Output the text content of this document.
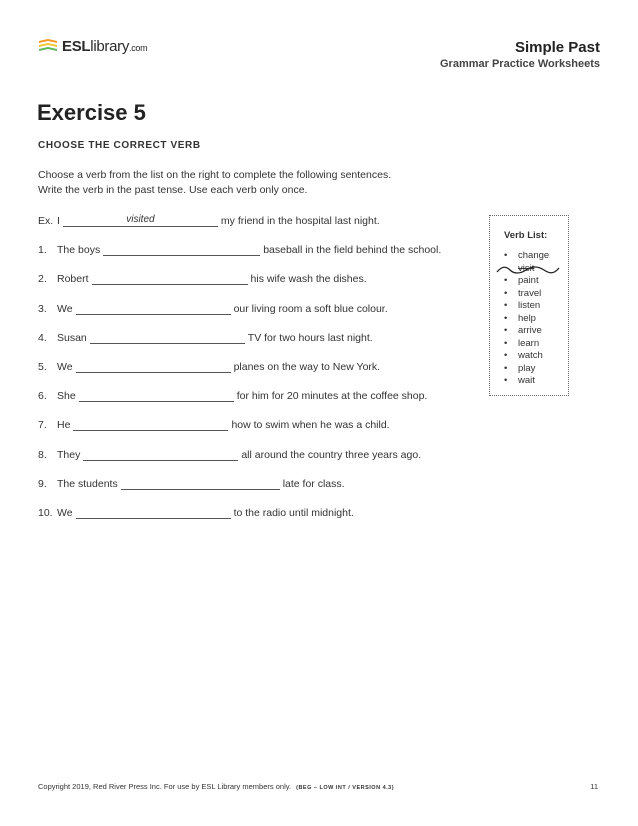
ESLlibrary.com	Simple Past
Grammar Practice Worksheets
Exercise 5
CHOOSE THE CORRECT VERB
Choose a verb from the list on the right to complete the following sentences. Write the verb in the past tense. Use each verb only once.
Ex. I	visited	my friend in the hospital last night.
1. The boys	baseball in the field behind the school.
2. Robert	his wife wash the dishes.
3. We	our living room a soft blue colour.
4. Susan	TV for two hours last night.
5. We	planes on the way to New York.
6. She	for him for 20 minutes at the coffee shop.
7. He	how to swim when he was a child.
8. They	all around the country three years ago.
9. The students	late for class.
10. We	to the radio until midnight.
Verb List:
• change
visit
• paint
• travel
• listen
• help
• arrive
• learn
• watch
• play
• wait
Copyright 2019, Red River Press Inc. For use by ESL Library members only. (BEG – LOW INT / VERSION 4.3)	11
